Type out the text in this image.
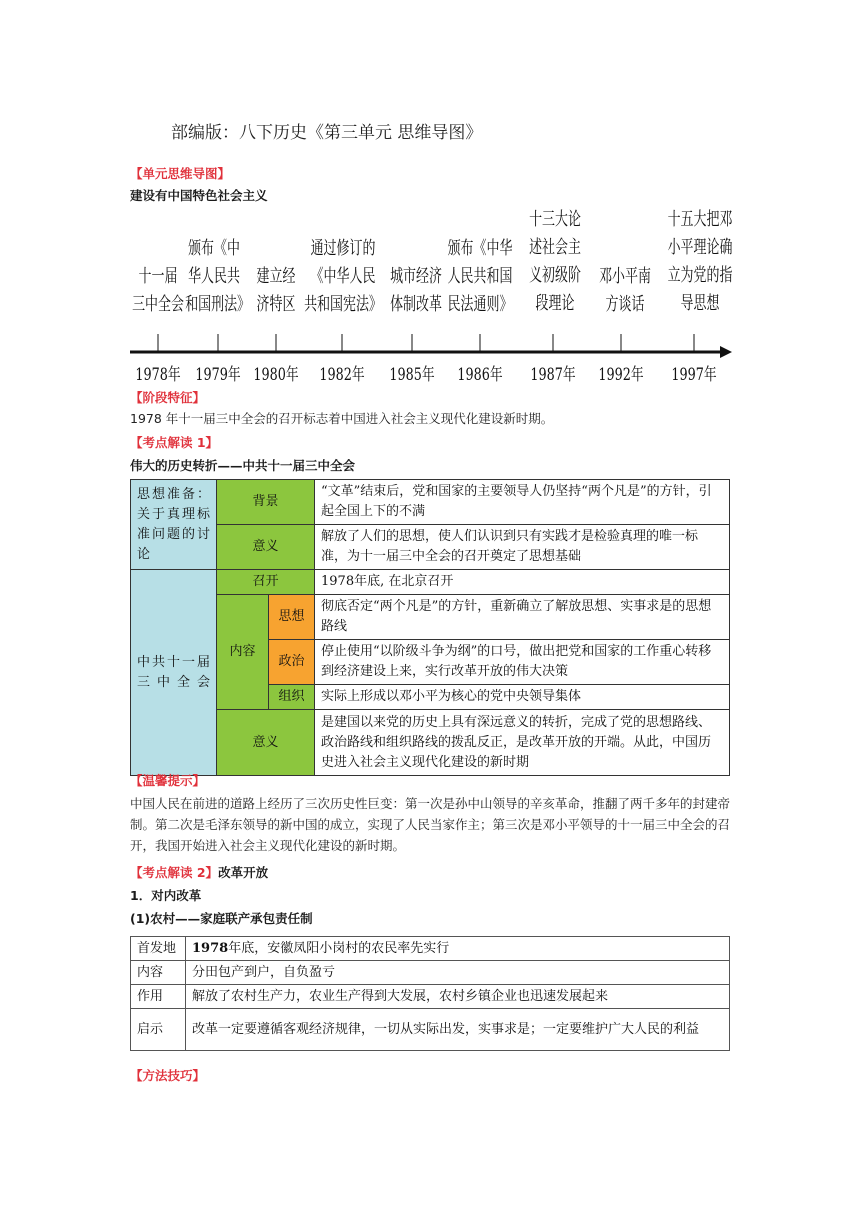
部编版：八下历史《第三单元 思维导图》
【单元思维导图】
建设有中国特色社会主义
十一届
三中全会
颁布《中
华人民共
和国刑法》
建立经
济特区
通过修订的
《中华人民
共和国宪法》
城市经济
体制改革
颁布《中华
人民共和国
民法通则》
十三大论
述社会主
义初级阶
段理论
邓小平南
方谈话
十五大把邓
小平理论确
立为党的指
导思想
1978年 1979年 1980年	1982年	1985年	1986年	1987年	1992年	1997年
【阶段特征】
1978 年十一届三中全会的召开标志着中国进入社会主义现代化建设新时期。
【考点解读 1】
伟大的历史转折——中共十一届三中全会
思想准备：关于真理标准问题的讨论	背景		“文革”结束后，党和国家的主要领导人仍坚持“两个凡是”的方针，引起全国上下的不满
	意义		解放了人们的思想，使人们认识到只有实践才是检验真理的唯一标准，为十一届三中全会的召开奠定了思想基础
中共十一届三中全会	召开		1978年底, 在北京召开
	内容	思想	彻底否定“两个凡是”的方针，重新确立了解放思想、实事求是的思想路线
		政治	停止使用“以阶级斗争为纲”的口号，做出把党和国家的工作重心转移到经济建设上来，实行改革开放的伟大决策
		组织	实际上形成以邓小平为核心的党中央领导集体
	意义		是建国以来党的历史上具有深远意义的转折，完成了党的思想路线、政治路线和组织路线的拨乱反正，是改革开放的开端。从此，中国历史进入社会主义现代化建设的新时期
【温馨提示】
中国人民在前进的道路上经历了三次历史性巨变：第一次是孙中山领导的辛亥革命，推翻了两千多年的封建帝制。第二次是毛泽东领导的新中国的成立，实现了人民当家作主；第三次是邓小平领导的十一届三中全会的召开，我国开始进入社会主义现代化建设的新时期。
【考点解读 2】改革开放
1．对内改革
(1)农村——家庭联产承包责任制
首发地	1978年底，安徽凤阳小岗村的农民率先实行
内容	分田包产到户，自负盈亏
作用	解放了农村生产力，农业生产得到大发展，农村乡镇企业也迅速发展起来
启示	改革一定要遵循客观经济规律，一切从实际出发，实事求是；一定要维护广大人民的利益
【方法技巧】
